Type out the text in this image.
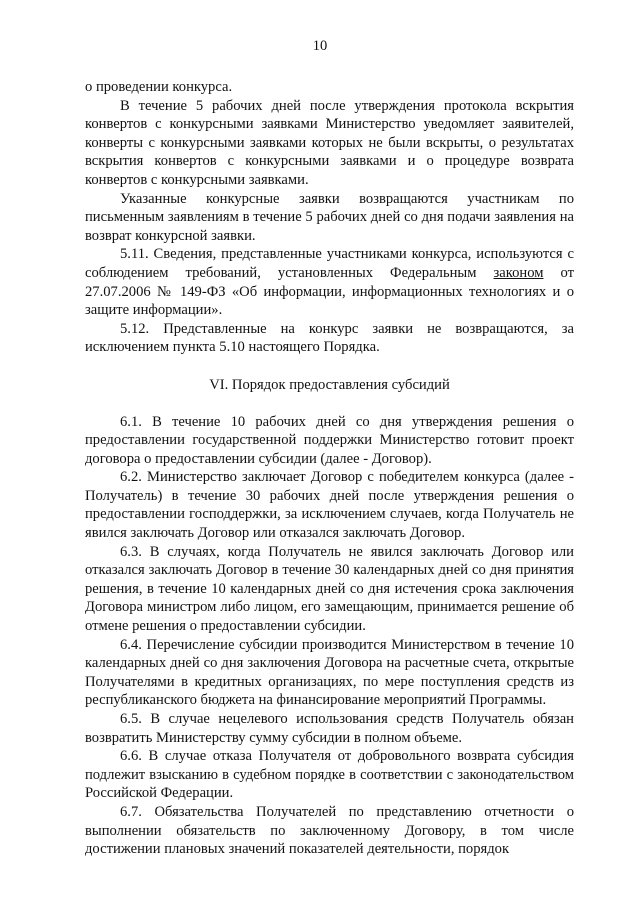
10

о проведении конкурса.

В течение 5 рабочих дней после утверждения протокола вскрытия конвертов с конкурсными заявками Министерство уведомляет заявителей, конверты с конкурсными заявками которых не были вскрыты, о результатах вскрытия конвертов с конкурсными заявками и о процедуре возврата конвертов с конкурсными заявками.

Указанные конкурсные заявки возвращаются участникам по письменным заявлениям в течение 5 рабочих дней со дня подачи заявления на возврат конкурсной заявки.

5.11. Сведения, представленные участниками конкурса, используются с соблюдением требований, установленных Федеральным законом от 27.07.2006 № 149-ФЗ «Об информации, информационных технологиях и о защите информации».

5.12. Представленные на конкурс заявки не возвращаются, за исключением пункта 5.10 настоящего Порядка.

VI. Порядок предоставления субсидий

6.1. В течение 10 рабочих дней со дня утверждения решения о предоставлении государственной поддержки Министерство готовит проект договора о предоставлении субсидии (далее - Договор).

6.2. Министерство заключает Договор с победителем конкурса (далее - Получатель) в течение 30 рабочих дней после утверждения решения о предоставлении господдержки, за исключением случаев, когда Получатель не явился заключать Договор или отказался заключать Договор.

6.3. В случаях, когда Получатель не явился заключать Договор или отказался заключать Договор в течение 30 календарных дней со дня принятия решения, в течение 10 календарных дней со дня истечения срока заключения Договора министром либо лицом, его замещающим, принимается решение об отмене решения о предоставлении субсидии.

6.4. Перечисление субсидии производится Министерством в течение 10 календарных дней со дня заключения Договора на расчетные счета, открытые Получателями в кредитных организациях, по мере поступления средств из республиканского бюджета на финансирование мероприятий Программы.

6.5. В случае нецелевого использования средств Получатель обязан возвратить Министерству сумму субсидии в полном объеме.

6.6. В случае отказа Получателя от добровольного возврата субсидия подлежит взысканию в судебном порядке в соответствии с законодательством Российской Федерации.

6.7. Обязательства Получателей по представлению отчетности о выполнении обязательств по заключенному Договору, в том числе достижении плановых значений показателей деятельности, порядок
